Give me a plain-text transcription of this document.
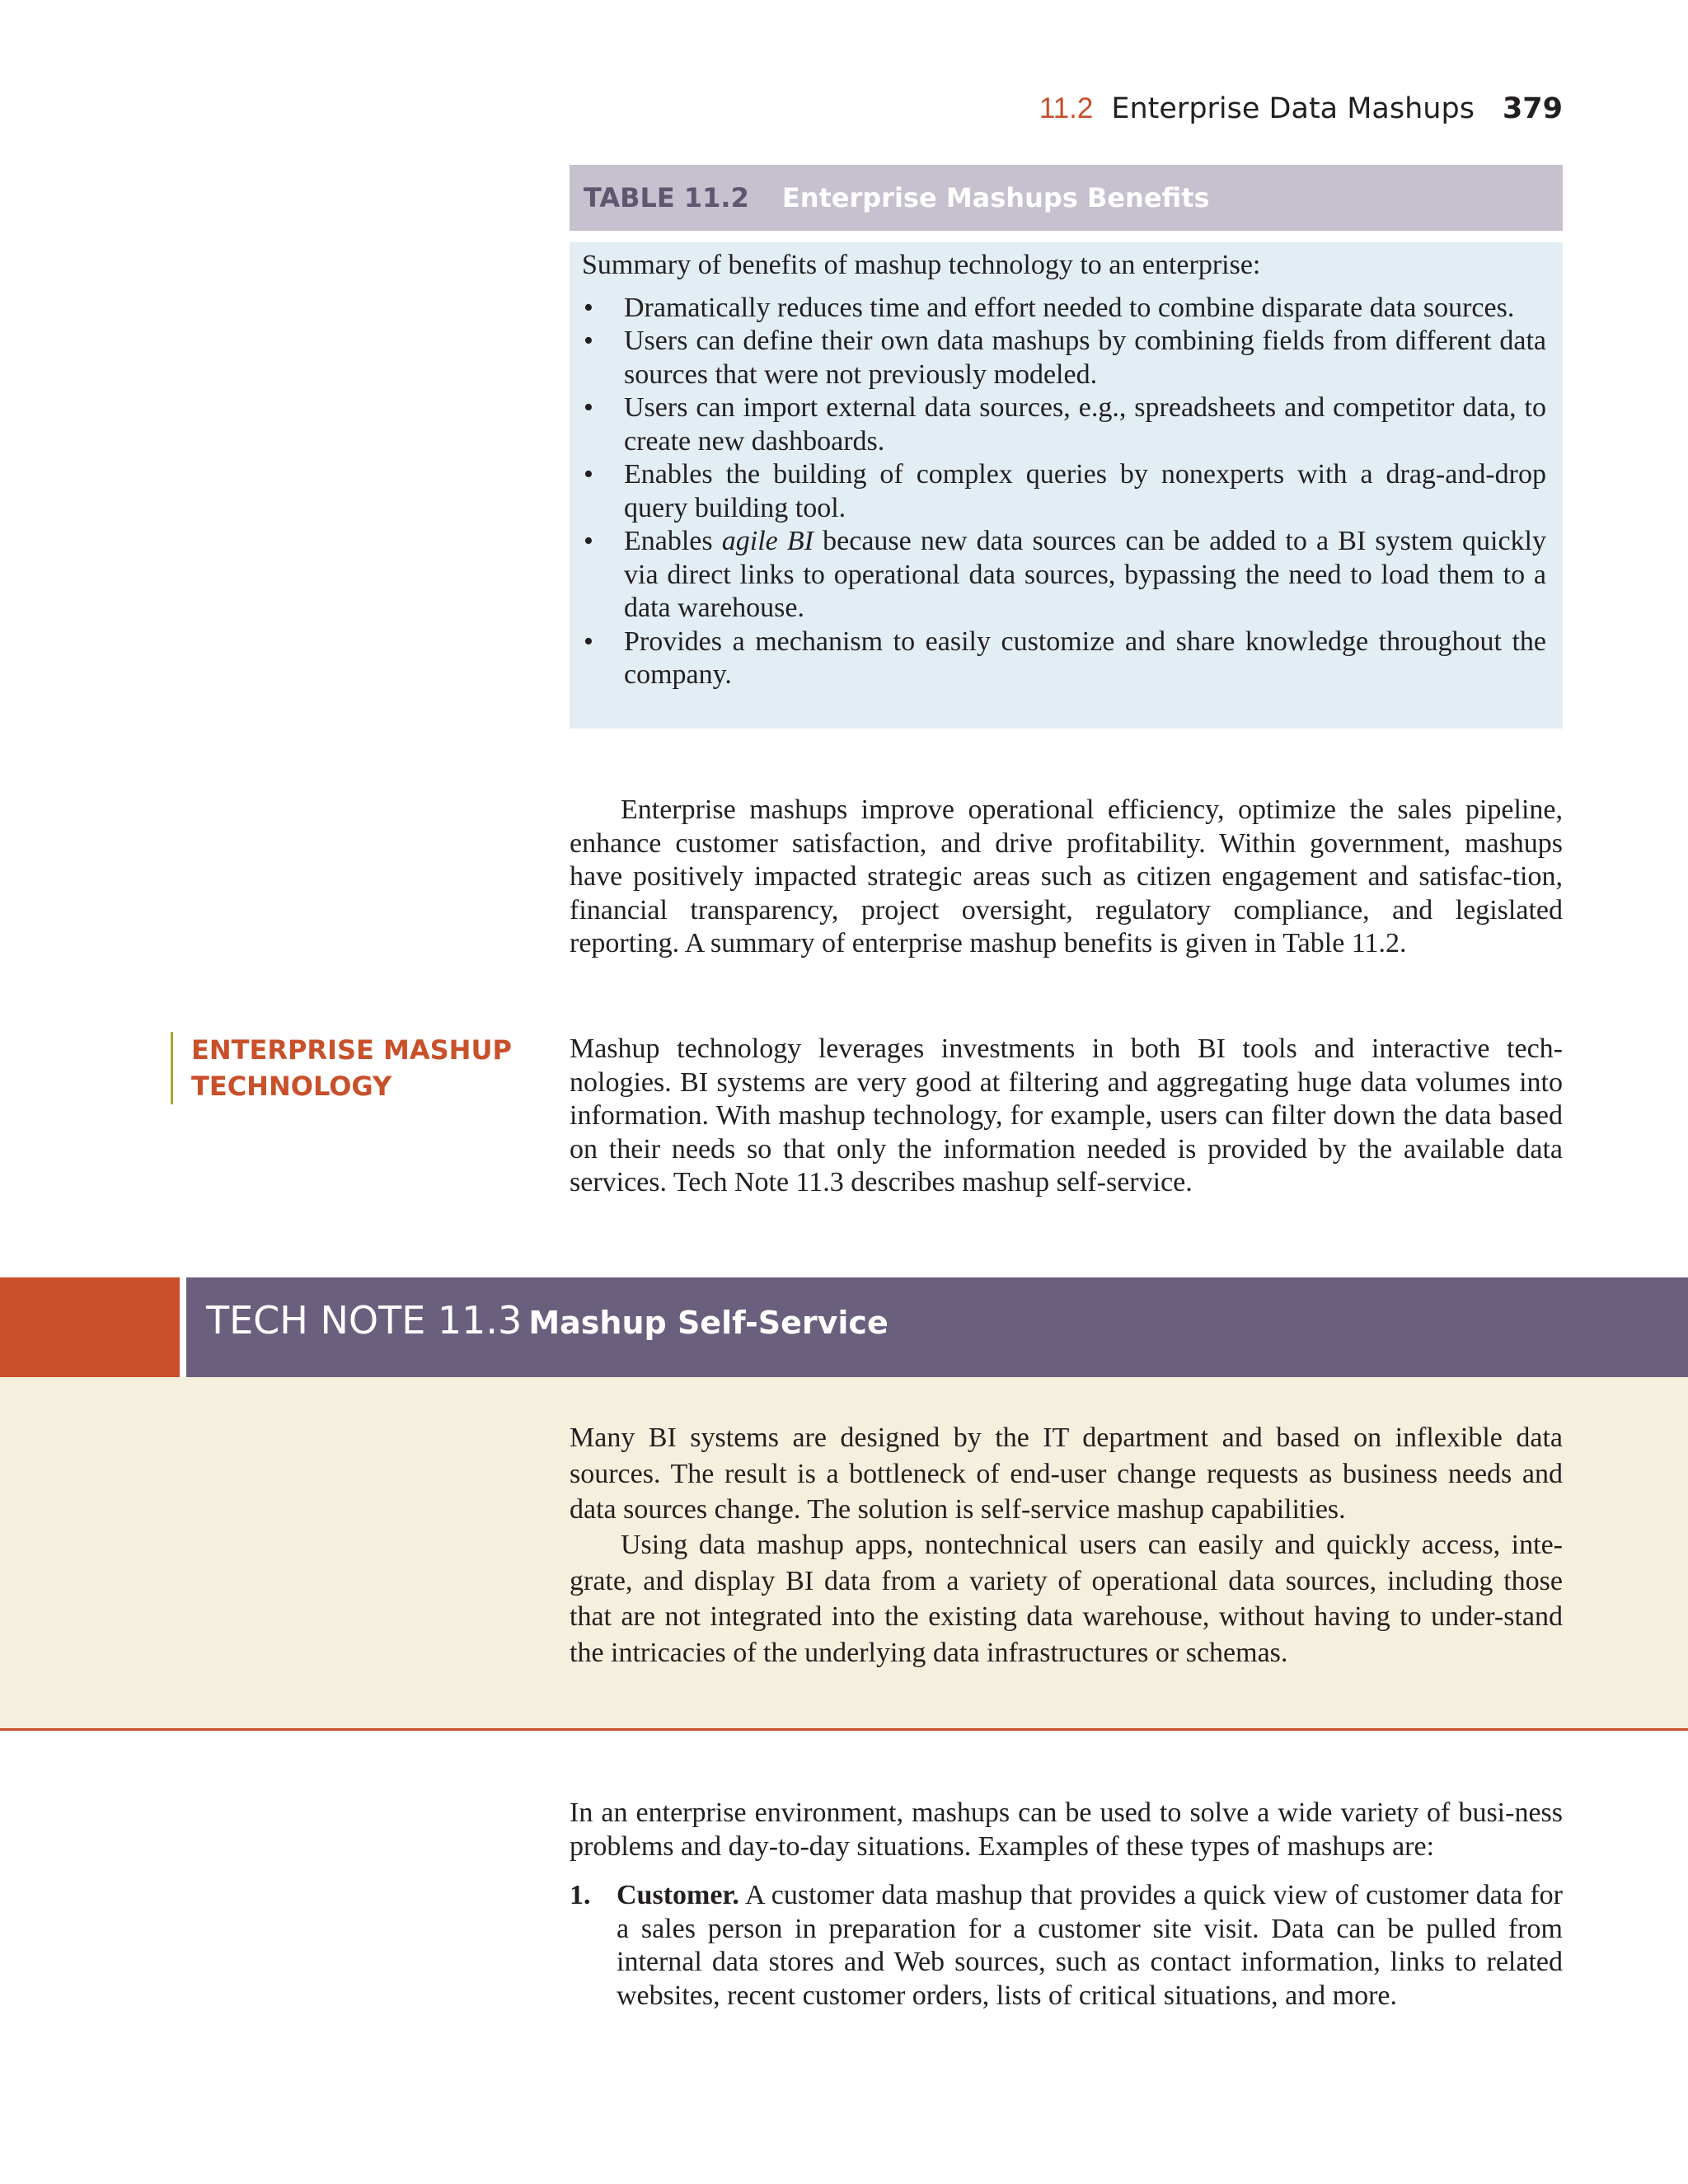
11.2 Enterprise Data Mashups 379
TABLE 11.2 Enterprise Mashups Benefits

Summary of benefits of mashup technology to an enterprise:

• Dramatically reduces time and effort needed to combine disparate data sources.
• Users can define their own data mashups by combining fields from different data sources that were not previously modeled.
• Users can import external data sources, e.g., spreadsheets and competitor data, to create new dashboards.
• Enables the building of complex queries by nonexperts with a drag-and-drop query building tool.
• Enables agile BI because new data sources can be added to a BI system quickly via direct links to operational data sources, bypassing the need to load them to a data warehouse.
• Provides a mechanism to easily customize and share knowledge throughout the company.

Enterprise mashups improve operational efficiency, optimize the sales pipeline, enhance customer satisfaction, and drive profitability. Within government, mashups have positively impacted strategic areas such as citizen engagement and satisfac-tion, financial transparency, project oversight, regulatory compliance, and legislated reporting. A summary of enterprise mashup benefits is given in Table 11.2.

ENTERPRISE MASHUP
TECHNOLOGY

Mashup technology leverages investments in both BI tools and interactive tech-nologies. BI systems are very good at filtering and aggregating huge data volumes into information. With mashup technology, for example, users can filter down the data based on their needs so that only the information needed is provided by the available data services. Tech Note 11.3 describes mashup self-service.

TECH NOTE 11.3 Mashup Self-Service

Many BI systems are designed by the IT department and based on inflexible data sources. The result is a bottleneck of end-user change requests as business needs and data sources change. The solution is self-service mashup capabilities.

Using data mashup apps, nontechnical users can easily and quickly access, inte-grate, and display BI data from a variety of operational data sources, including those that are not integrated into the existing data warehouse, without having to under-stand the intricacies of the underlying data infrastructures or schemas.

In an enterprise environment, mashups can be used to solve a wide variety of busi-ness problems and day-to-day situations. Examples of these types of mashups are:

1. Customer. A customer data mashup that provides a quick view of customer data for a sales person in preparation for a customer site visit. Data can be pulled from internal data stores and Web sources, such as contact information, links to related websites, recent customer orders, lists of critical situations, and more.
